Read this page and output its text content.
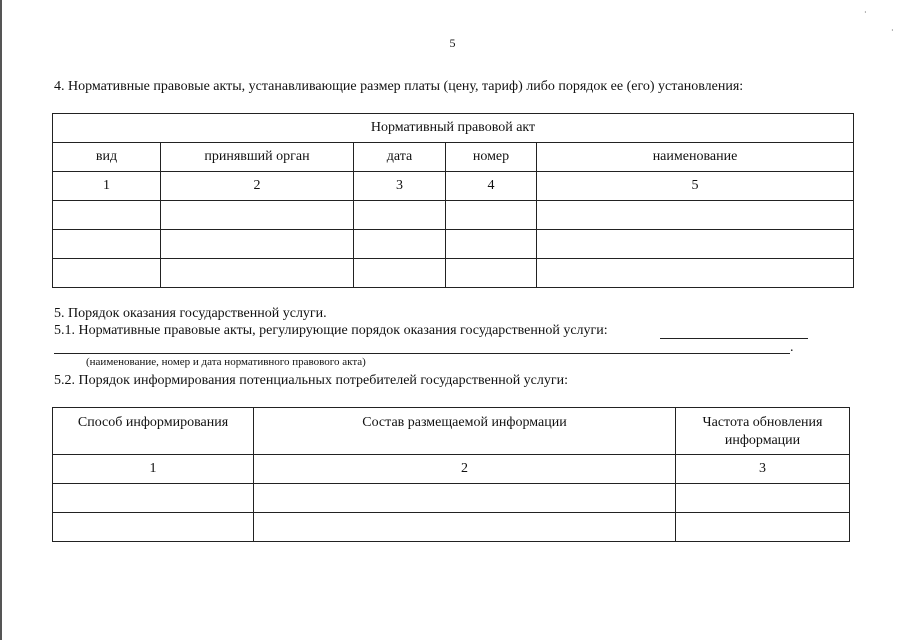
·
·
5
4. Нормативные правовые акты, устанавливающие размер платы (цену, тариф) либо порядок ее (его) установления:
Нормативный правовой акт				
вид	принявший орган	дата	номер	наименование
1	2	3	4	5

5. Порядок оказания государственной услуги.
5.1. Нормативные правовые акты, регулирующие порядок оказания государственной услуги:
.
(наименование, номер и дата нормативного правового акта)
5.2. Порядок информирования потенциальных потребителей государственной услуги:
Способ информирования	Состав размещаемой информации	Частота обновления информации
1	2	3
